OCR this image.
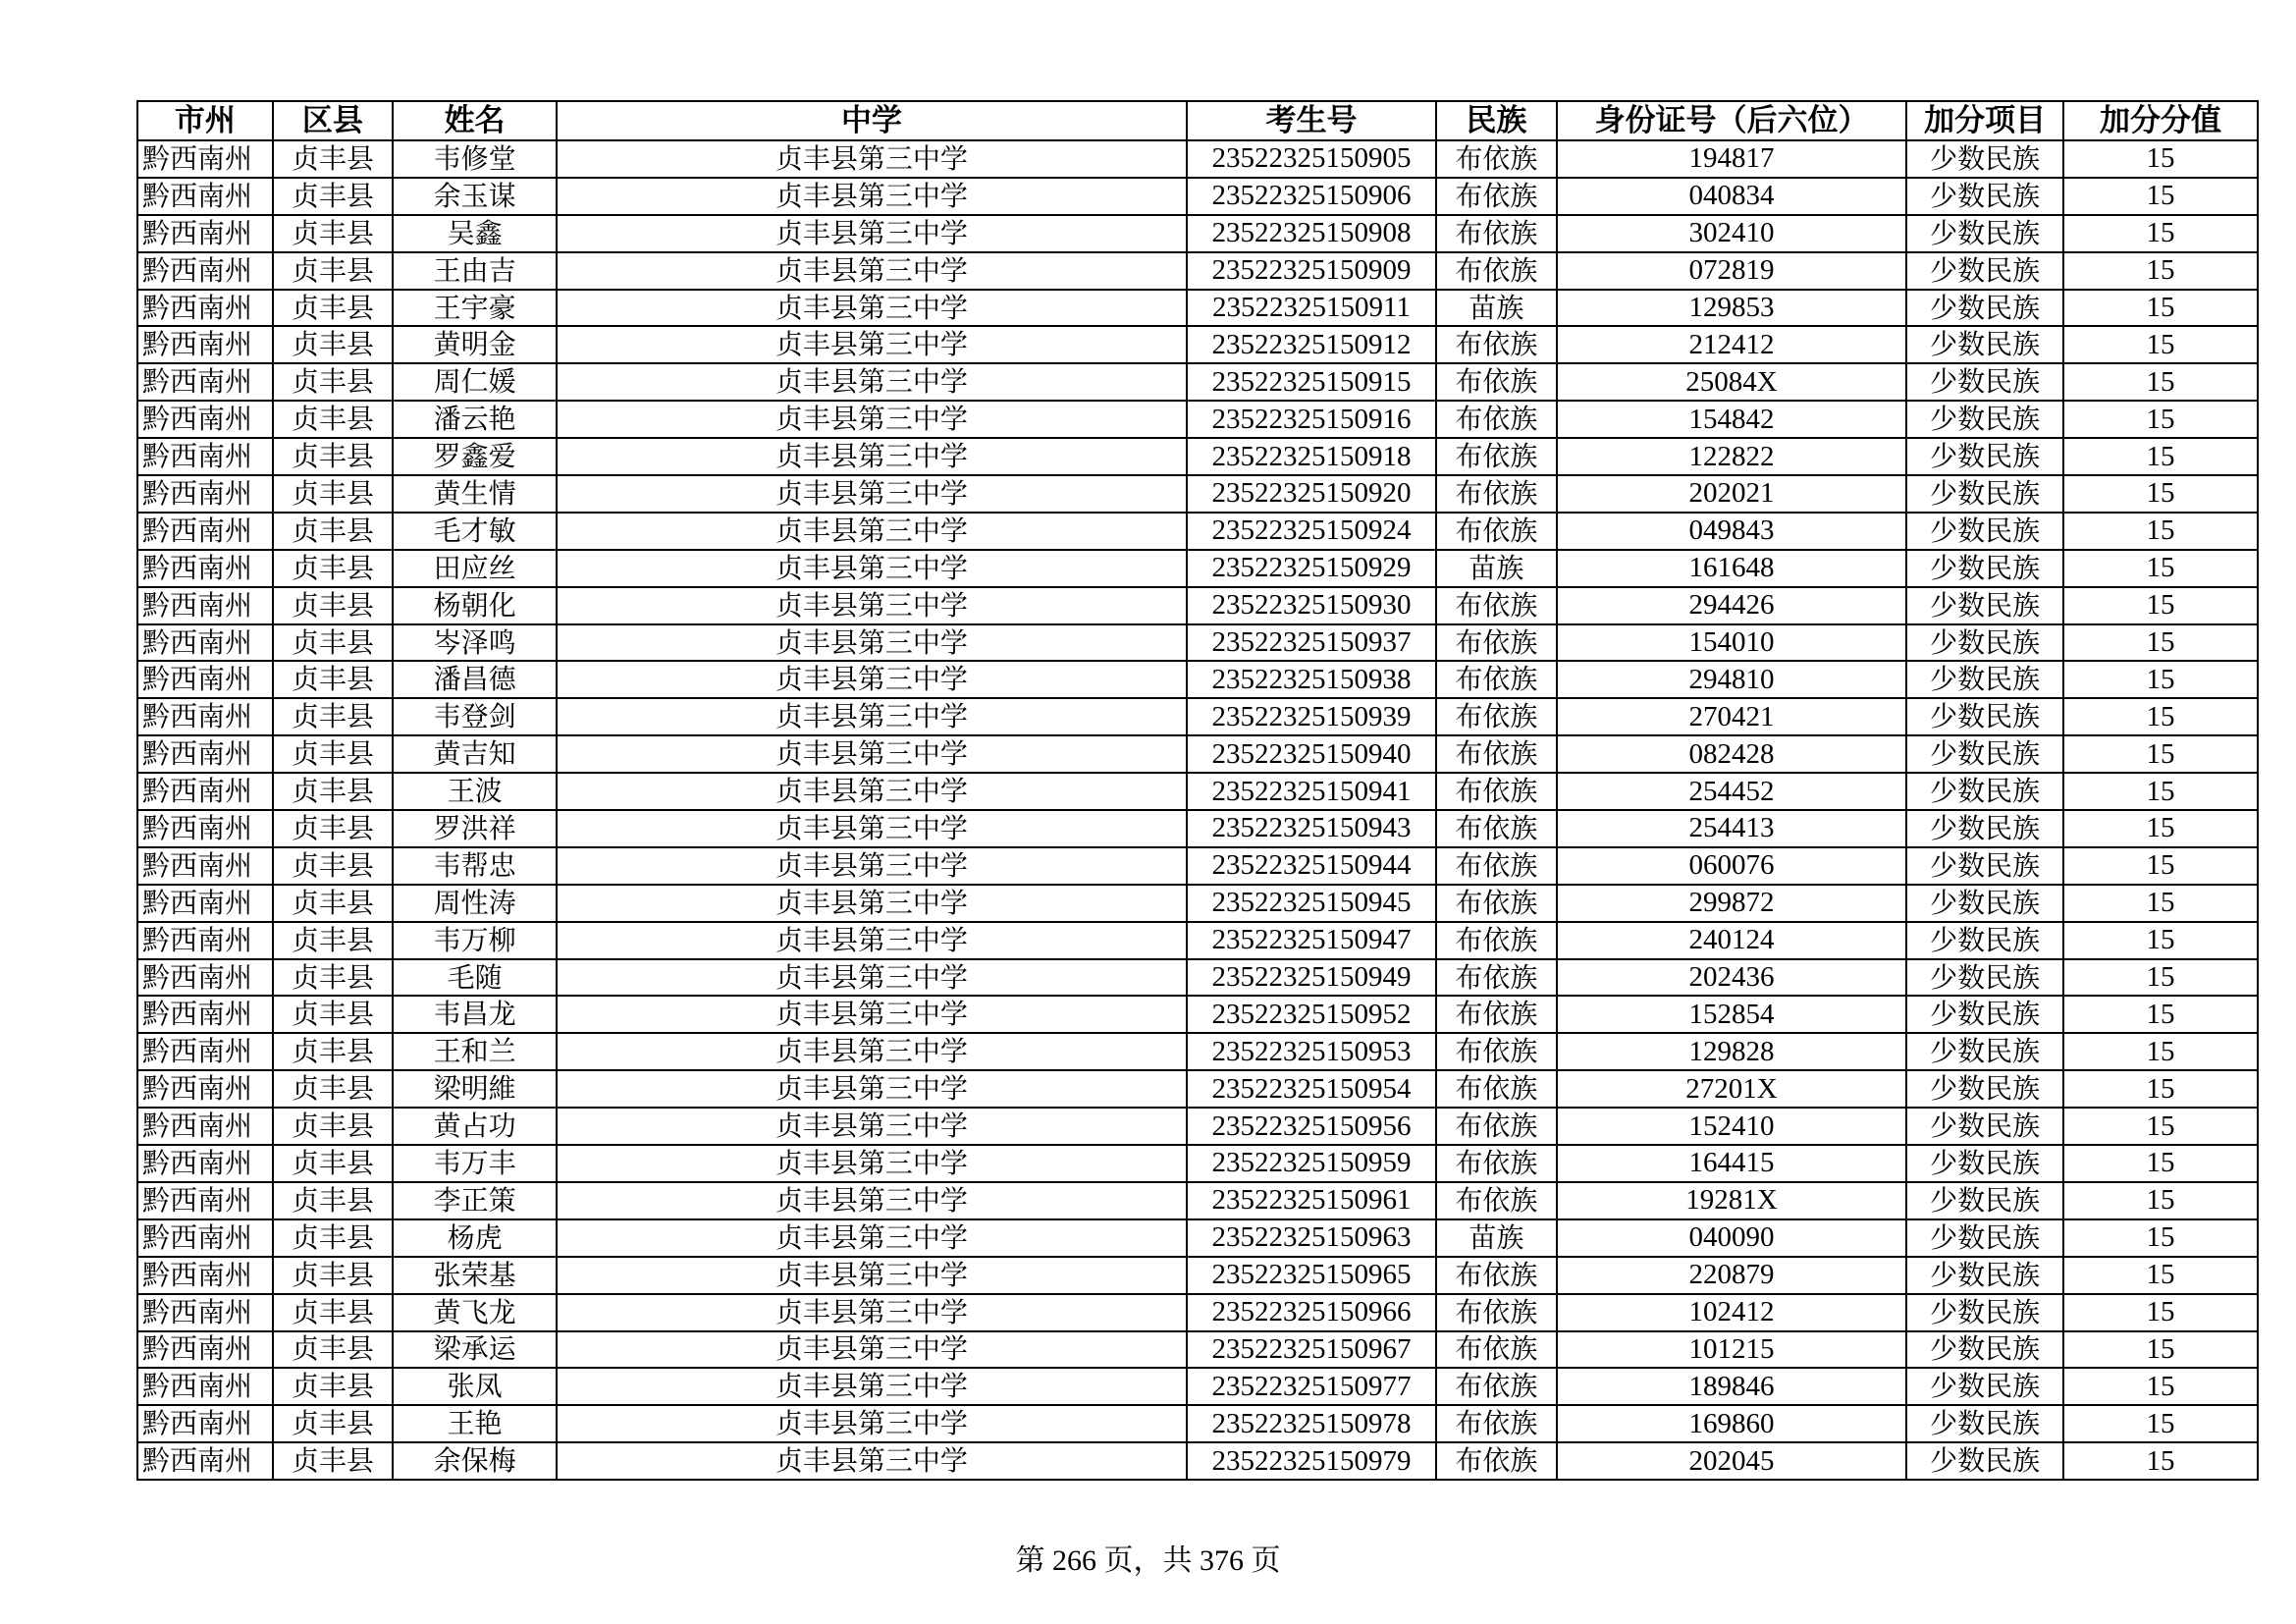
市州	区县	姓名	中学	考生号	民族	身份证号（后六位）	加分项目	加分分值
黔西南州	贞丰县	韦修堂	贞丰县第三中学	23522325150905	布依族	194817	少数民族	15
黔西南州	贞丰县	余玉谋	贞丰县第三中学	23522325150906	布依族	040834	少数民族	15
黔西南州	贞丰县	吴鑫	贞丰县第三中学	23522325150908	布依族	302410	少数民族	15
黔西南州	贞丰县	王由吉	贞丰县第三中学	23522325150909	布依族	072819	少数民族	15
黔西南州	贞丰县	王宇豪	贞丰县第三中学	23522325150911	苗族	129853	少数民族	15
黔西南州	贞丰县	黄明金	贞丰县第三中学	23522325150912	布依族	212412	少数民族	15
黔西南州	贞丰县	周仁媛	贞丰县第三中学	23522325150915	布依族	25084X	少数民族	15
黔西南州	贞丰县	潘云艳	贞丰县第三中学	23522325150916	布依族	154842	少数民族	15
黔西南州	贞丰县	罗鑫爱	贞丰县第三中学	23522325150918	布依族	122822	少数民族	15
黔西南州	贞丰县	黄生情	贞丰县第三中学	23522325150920	布依族	202021	少数民族	15
黔西南州	贞丰县	毛才敏	贞丰县第三中学	23522325150924	布依族	049843	少数民族	15
黔西南州	贞丰县	田应丝	贞丰县第三中学	23522325150929	苗族	161648	少数民族	15
黔西南州	贞丰县	杨朝化	贞丰县第三中学	23522325150930	布依族	294426	少数民族	15
黔西南州	贞丰县	岑泽鸣	贞丰县第三中学	23522325150937	布依族	154010	少数民族	15
黔西南州	贞丰县	潘昌德	贞丰县第三中学	23522325150938	布依族	294810	少数民族	15
黔西南州	贞丰县	韦登剑	贞丰县第三中学	23522325150939	布依族	270421	少数民族	15
黔西南州	贞丰县	黄吉知	贞丰县第三中学	23522325150940	布依族	082428	少数民族	15
黔西南州	贞丰县	王波	贞丰县第三中学	23522325150941	布依族	254452	少数民族	15
黔西南州	贞丰县	罗洪祥	贞丰县第三中学	23522325150943	布依族	254413	少数民族	15
黔西南州	贞丰县	韦帮忠	贞丰县第三中学	23522325150944	布依族	060076	少数民族	15
黔西南州	贞丰县	周性涛	贞丰县第三中学	23522325150945	布依族	299872	少数民族	15
黔西南州	贞丰县	韦万柳	贞丰县第三中学	23522325150947	布依族	240124	少数民族	15
黔西南州	贞丰县	毛随	贞丰县第三中学	23522325150949	布依族	202436	少数民族	15
黔西南州	贞丰县	韦昌龙	贞丰县第三中学	23522325150952	布依族	152854	少数民族	15
黔西南州	贞丰县	王和兰	贞丰县第三中学	23522325150953	布依族	129828	少数民族	15
黔西南州	贞丰县	梁明維	贞丰县第三中学	23522325150954	布依族	27201X	少数民族	15
黔西南州	贞丰县	黄占功	贞丰县第三中学	23522325150956	布依族	152410	少数民族	15
黔西南州	贞丰县	韦万丰	贞丰县第三中学	23522325150959	布依族	164415	少数民族	15
黔西南州	贞丰县	李正策	贞丰县第三中学	23522325150961	布依族	19281X	少数民族	15
黔西南州	贞丰县	杨虎	贞丰县第三中学	23522325150963	苗族	040090	少数民族	15
黔西南州	贞丰县	张荣基	贞丰县第三中学	23522325150965	布依族	220879	少数民族	15
黔西南州	贞丰县	黄飞龙	贞丰县第三中学	23522325150966	布依族	102412	少数民族	15
黔西南州	贞丰县	梁承运	贞丰县第三中学	23522325150967	布依族	101215	少数民族	15
黔西南州	贞丰县	张凤	贞丰县第三中学	23522325150977	布依族	189846	少数民族	15
黔西南州	贞丰县	王艳	贞丰县第三中学	23522325150978	布依族	169860	少数民族	15
黔西南州	贞丰县	余保梅	贞丰县第三中学	23522325150979	布依族	202045	少数民族	15
第 266 页，共 376 页
